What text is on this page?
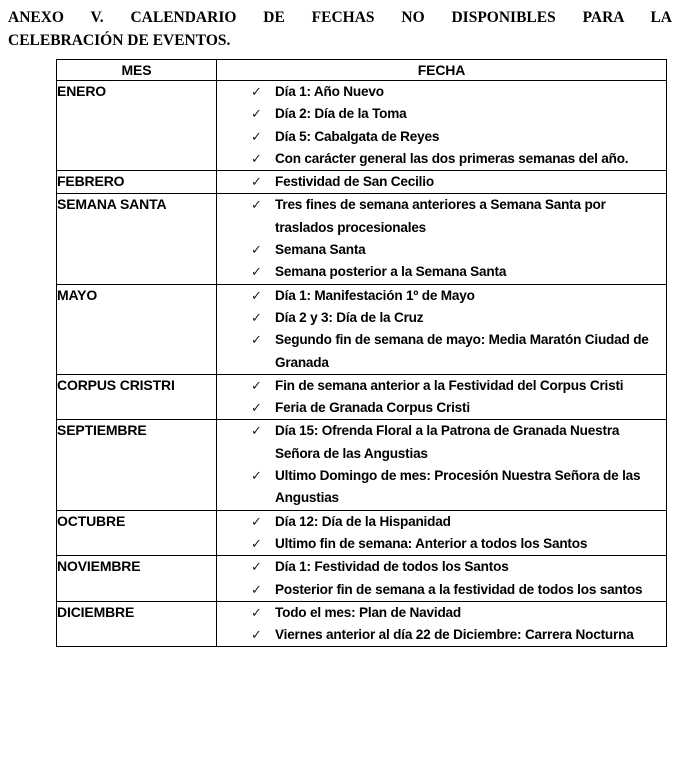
ANEXO V. CALENDARIO DE FECHAS NO DISPONIBLES PARA LA
CELEBRACIÓN DE EVENTOS.
MES	FECHA
ENERO	✓ Día 1: Año Nuevo
✓ Día 2: Día de la Toma
✓ Día 5: Cabalgata de Reyes
✓ Con carácter general las dos primeras semanas del año.

FEBRERO	✓ Festividad de San Cecilio

SEMANA SANTA	✓ Tres fines de semana anteriores a Semana Santa por traslados procesionales
✓ Semana Santa
✓ Semana posterior a la Semana Santa

MAYO	✓ Día 1: Manifestación 1º de Mayo
✓ Día 2 y 3: Día de la Cruz
✓ Segundo fin de semana de mayo: Media Maratón Ciudad de Granada

CORPUS CRISTRI	✓ Fin de semana anterior a la Festividad del Corpus Cristi
✓ Feria de Granada Corpus Cristi

SEPTIEMBRE	✓ Día 15: Ofrenda Floral a la Patrona de Granada Nuestra Señora de las Angustias
✓ Ultimo Domingo de mes: Procesión Nuestra Señora de las Angustias

OCTUBRE	✓ Día 12: Día de la Hispanidad
✓ Ultimo fin de semana: Anterior a todos los Santos

NOVIEMBRE	✓ Día 1: Festividad de todos los Santos
✓ Posterior fin de semana a la festividad de todos los santos

DICIEMBRE	✓ Todo el mes: Plan de Navidad
✓ Viernes anterior al día 22 de Diciembre: Carrera Nocturna
